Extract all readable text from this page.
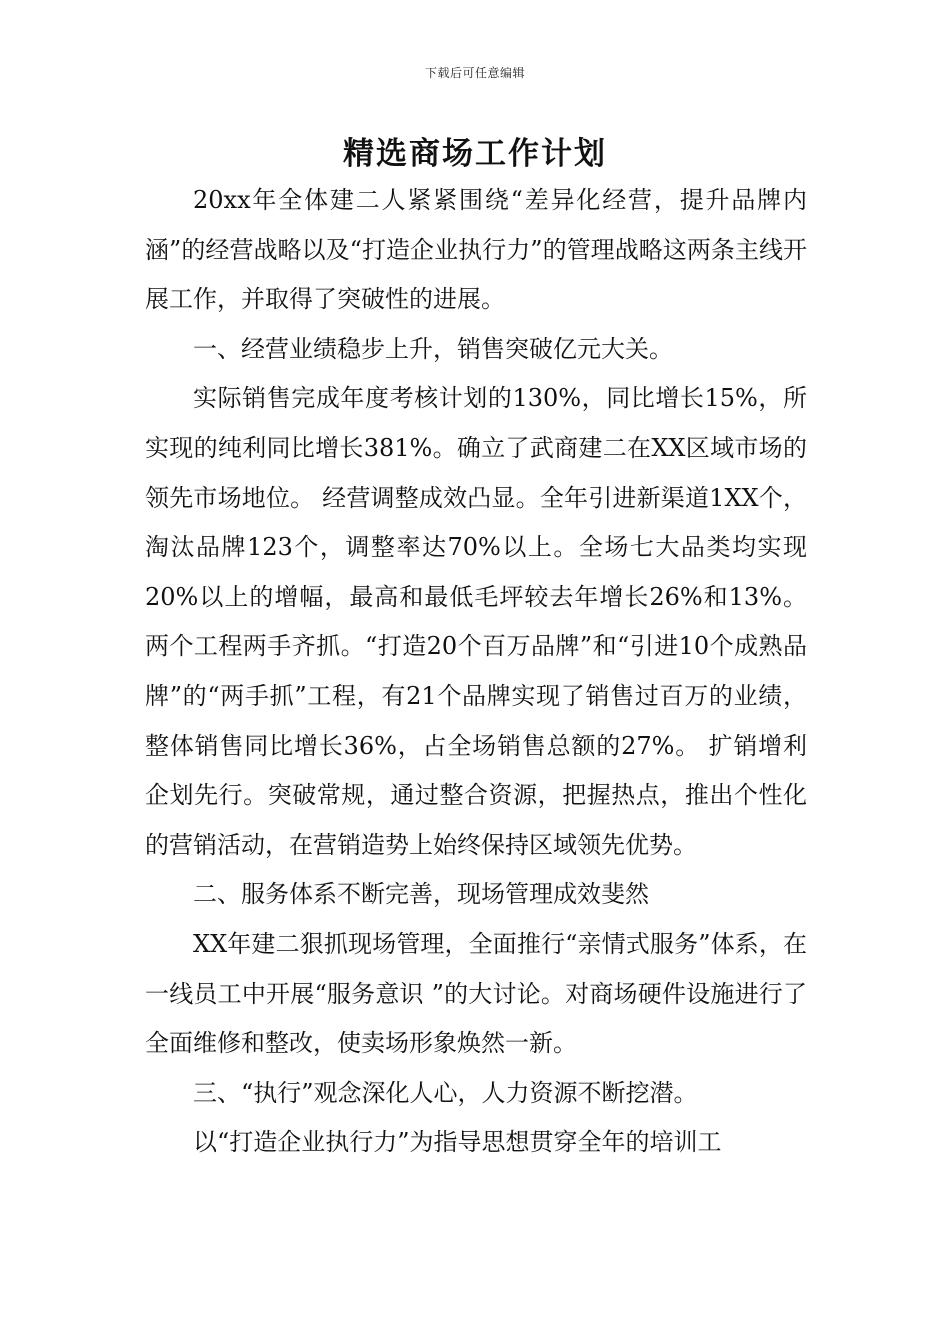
下载后可任意编辑
精选商场工作计划

20xx年全体建二人紧紧围绕“差异化经营，提升品牌内涵”的经营战略以及“打造企业执行力”的管理战略这两条主线开展工作，并取得了突破性的进展。

一、经营业绩稳步上升，销售突破亿元大关。

实际销售完成年度考核计划的130%，同比增长15%，所实现的纯利同比增长381%。确立了武商建二在XX区域市场的领先市场地位。 经营调整成效凸显。全年引进新渠道1XX个，淘汰品牌123个，调整率达70%以上。全场七大品类均实现20%以上的增幅，最高和最低毛坪较去年增长26%和13%。 两个工程两手齐抓。“打造20个百万品牌”和“引进10个成熟品牌”的“两手抓”工程，有21个品牌实现了销售过百万的业绩，整体销售同比增长36%，占全场销售总额的27%。 扩销增利企划先行。突破常规，通过整合资源，把握热点，推出个性化的营销活动，在营销造势上始终保持区域领先优势。

二、服务体系不断完善，现场管理成效斐然

XX年建二狠抓现场管理，全面推行“亲情式服务”体系，在一线员工中开展“服务意识 ”的大讨论。对商场硬件设施进行了全面维修和整改，使卖场形象焕然一新。

三、“执行”观念深化人心，人力资源不断挖潜。

以“打造企业执行力”为指导思想贯穿全年的培训工
